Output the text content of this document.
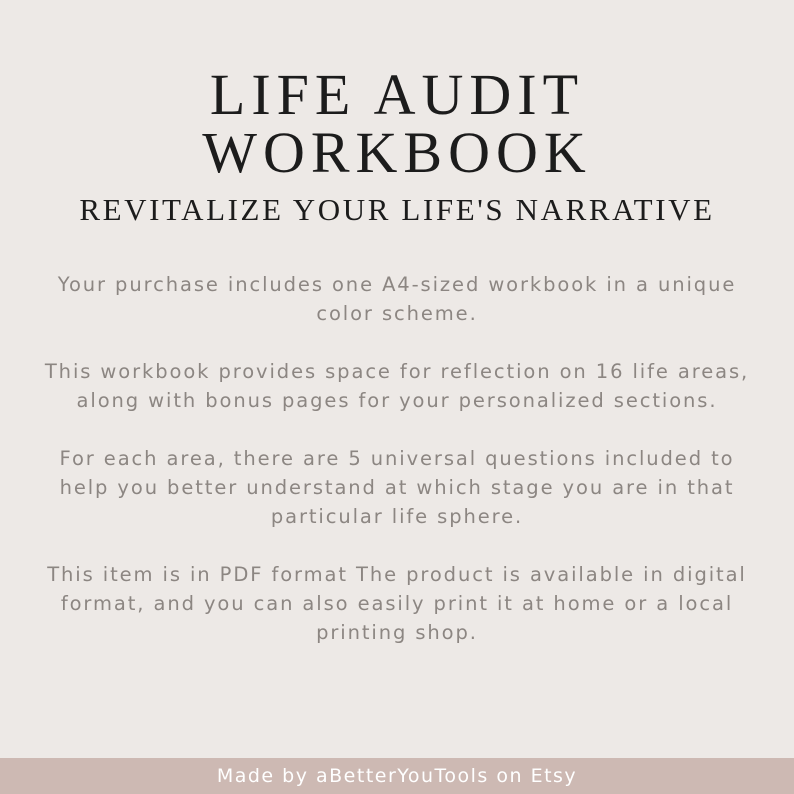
LIFE AUDIT
WORKBOOK
REVITALIZE YOUR LIFE'S NARRATIVE

Your purchase includes one A4-sized workbook in a unique color scheme.

This workbook provides space for reflection on 16 life areas, along with bonus pages for your personalized sections.

For each area, there are 5 universal questions included to help you better understand at which stage you are in that particular life sphere.

This item is in PDF format The product is available in digital format, and you can also easily print it at home or a local printing shop.

Made by aBetterYouTools on Etsy
